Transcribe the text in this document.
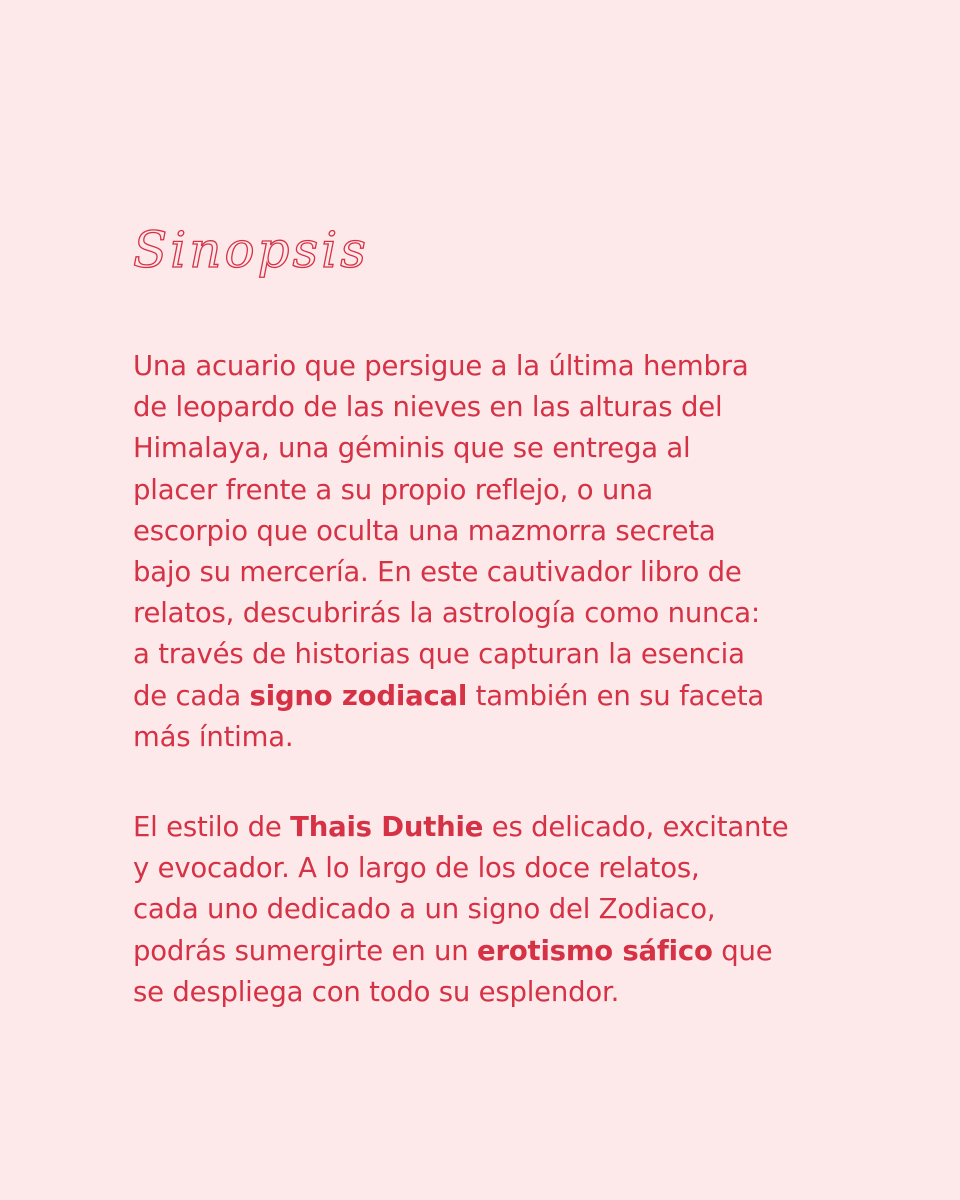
Sinopsis

Una acuario que persigue a la última hembra
de leopardo de las nieves en las alturas del
Himalaya, una géminis que se entrega al
placer frente a su propio reflejo, o una
escorpio que oculta una mazmorra secreta
bajo su mercería. En este cautivador libro de
relatos, descubrirás la astrología como nunca:
a través de historias que capturan la esencia
de cada signo zodiacal también en su faceta
más íntima.

El estilo de Thais Duthie es delicado, excitante
y evocador. A lo largo de los doce relatos,
cada uno dedicado a un signo del Zodiaco,
podrás sumergirte en un erotismo sáfico que
se despliega con todo su esplendor.
